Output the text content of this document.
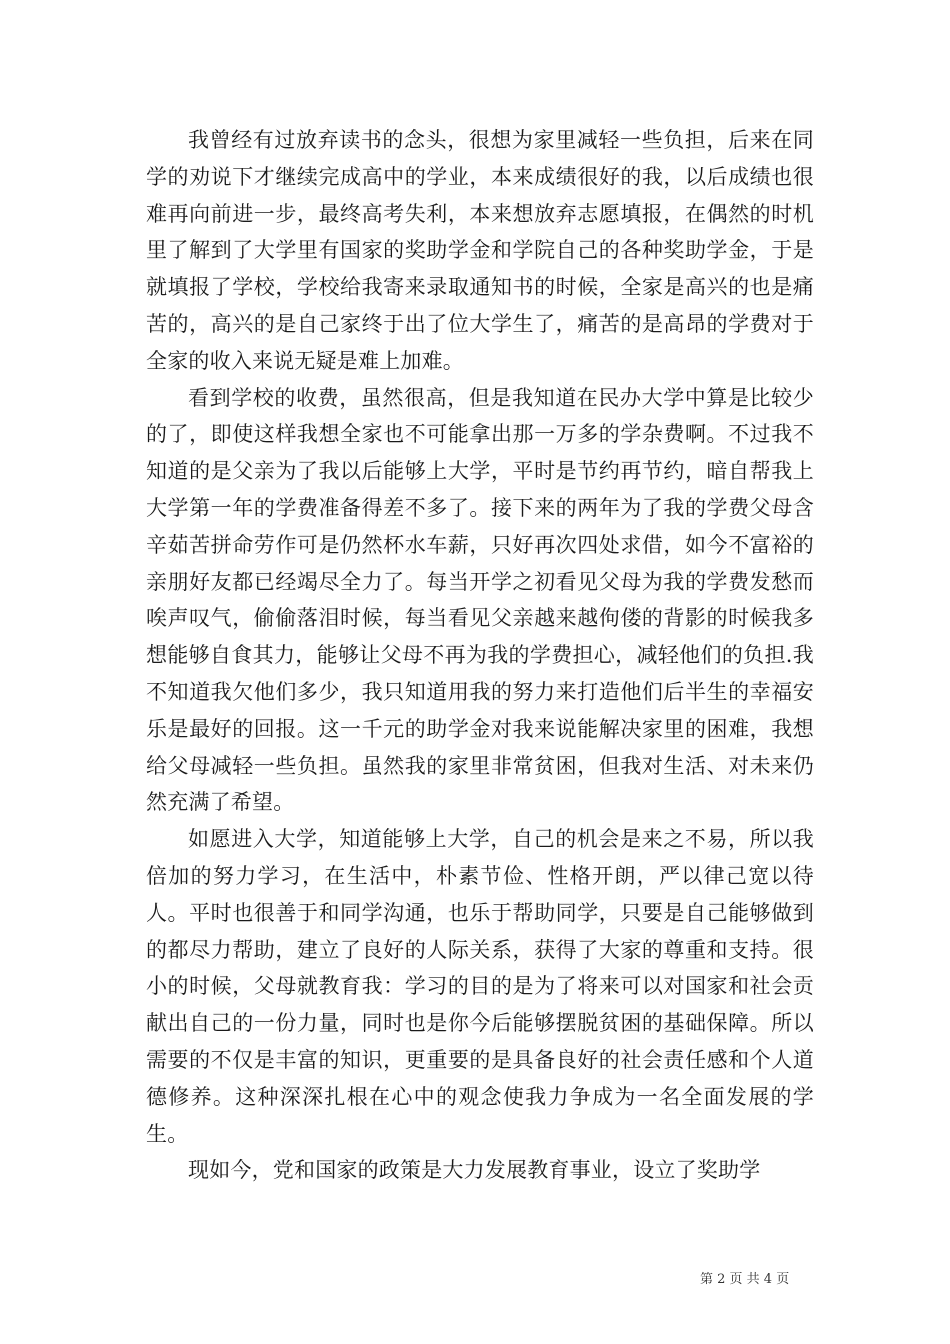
我曾经有过放弃读书的念头，很想为家里减轻一些负担，后来在同学的劝说下才继续完成高中的学业，本来成绩很好的我，以后成绩也很难再向前进一步，最终高考失利，本来想放弃志愿填报，在偶然的时机里了解到了大学里有国家的奖助学金和学院自己的各种奖助学金，于是就填报了学校，学校给我寄来录取通知书的时候，全家是高兴的也是痛苦的，高兴的是自己家终于出了位大学生了，痛苦的是高昂的学费对于全家的收入来说无疑是难上加难。

看到学校的收费，虽然很高，但是我知道在民办大学中算是比较少的了，即使这样我想全家也不可能拿出那一万多的学杂费啊。不过我不知道的是父亲为了我以后能够上大学，平时是节约再节约，暗自帮我上大学第一年的学费准备得差不多了。接下来的两年为了我的学费父母含辛茹苦拼命劳作可是仍然杯水车薪，只好再次四处求借，如今不富裕的亲朋好友都已经竭尽全力了。每当开学之初看见父母为我的学费发愁而唉声叹气，偷偷落泪时候，每当看见父亲越来越佝偻的背影的时候我多想能够自食其力，能够让父母不再为我的学费担心，减轻他们的负担.我不知道我欠他们多少，我只知道用我的努力来打造他们后半生的幸福安乐是最好的回报。这一千元的助学金对我来说能解决家里的困难，我想给父母减轻一些负担。虽然我的家里非常贫困，但我对生活、对未来仍然充满了希望。

如愿进入大学，知道能够上大学，自己的机会是来之不易，所以我倍加的努力学习，在生活中，朴素节俭、性格开朗，严以律己宽以待人。平时也很善于和同学沟通，也乐于帮助同学，只要是自己能够做到的都尽力帮助，建立了良好的人际关系，获得了大家的尊重和支持。很小的时候，父母就教育我：学习的目的是为了将来可以对国家和社会贡献出自己的一份力量，同时也是你今后能够摆脱贫困的基础保障。所以需要的不仅是丰富的知识，更重要的是具备良好的社会责任感和个人道德修养。这种深深扎根在心中的观念使我力争成为一名全面发展的学生。

现如今，党和国家的政策是大力发展教育事业，设立了奖助学

第 2 页 共 4 页
